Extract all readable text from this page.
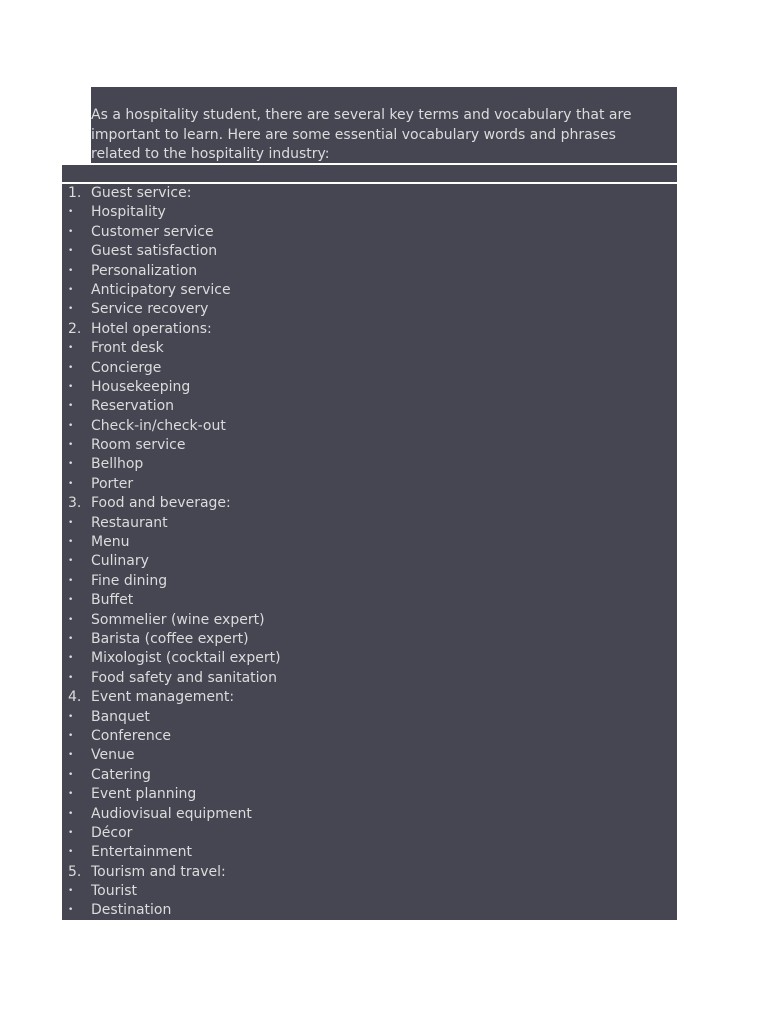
As a hospitality student, there are several key terms and vocabulary that are important to learn. Here are some essential vocabulary words and phrases related to the hospitality industry:

1. Guest service:
•	Hospitality
•	Customer service
•	Guest satisfaction
•	Personalization
•	Anticipatory service
•	Service recovery
2. Hotel operations:
•	Front desk
•	Concierge
•	Housekeeping
•	Reservation
•	Check-in/check-out
•	Room service
•	Bellhop
•	Porter
3. Food and beverage:
•	Restaurant
•	Menu
•	Culinary
•	Fine dining
•	Buffet
•	Sommelier (wine expert)
•	Barista (coffee expert)
•	Mixologist (cocktail expert)
•	Food safety and sanitation
4. Event management:
•	Banquet
•	Conference
•	Venue
•	Catering
•	Event planning
•	Audiovisual equipment
•	Décor
•	Entertainment
5. Tourism and travel:
•	Tourist
•	Destination
